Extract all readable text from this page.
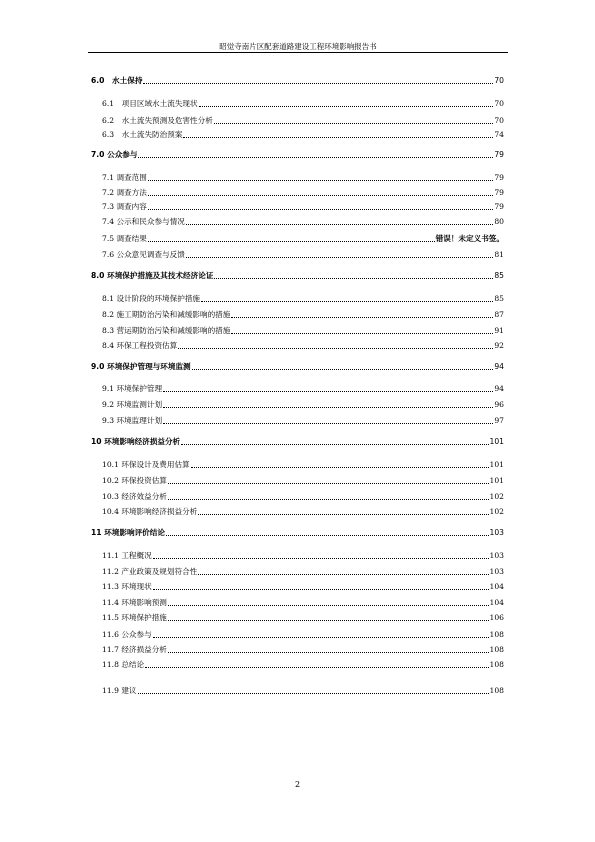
昭觉寺南片区配套道路建设工程环境影响报告书
6.0　水土保持	70
6.1　项目区域水土流失现状	70
6.2　水土流失预测及危害性分析	70
6.3　水土流失防治预案	74
7.0 公众参与	79
7.1 调查范围	79
7.2 调查方法	79
7.3 调查内容	79
7.4 公示和民众参与情况	80
7.5 调查结果	错误！未定义书签。
7.6 公众意见调查与反馈	81
8.0 环境保护措施及其技术经济论证	85
8.1 设计阶段的环境保护措施	85
8.2 施工期防治污染和减缓影响的措施	87
8.3 营运期防治污染和减缓影响的措施	91
8.4 环保工程投资估算	92
9.0 环境保护管理与环境监测	94
9.1 环境保护管理	94
9.2 环境监测计划	96
9.3 环境监理计划	97
10 环境影响经济损益分析	101
10.1 环保设计及费用估算	101
10.2 环保投资估算	101
10.3 经济效益分析	102
10.4 环境影响经济损益分析	102
11 环境影响评价结论	103
11.1 工程概况	103
11.2 产业政策及规划符合性	103
11.3 环境现状	104
11.4 环境影响预测	104
11.5 环境保护措施	106
11.6 公众参与	108
11.7 经济损益分析	108
11.8 总结论	108
11.9 建议	108
2
